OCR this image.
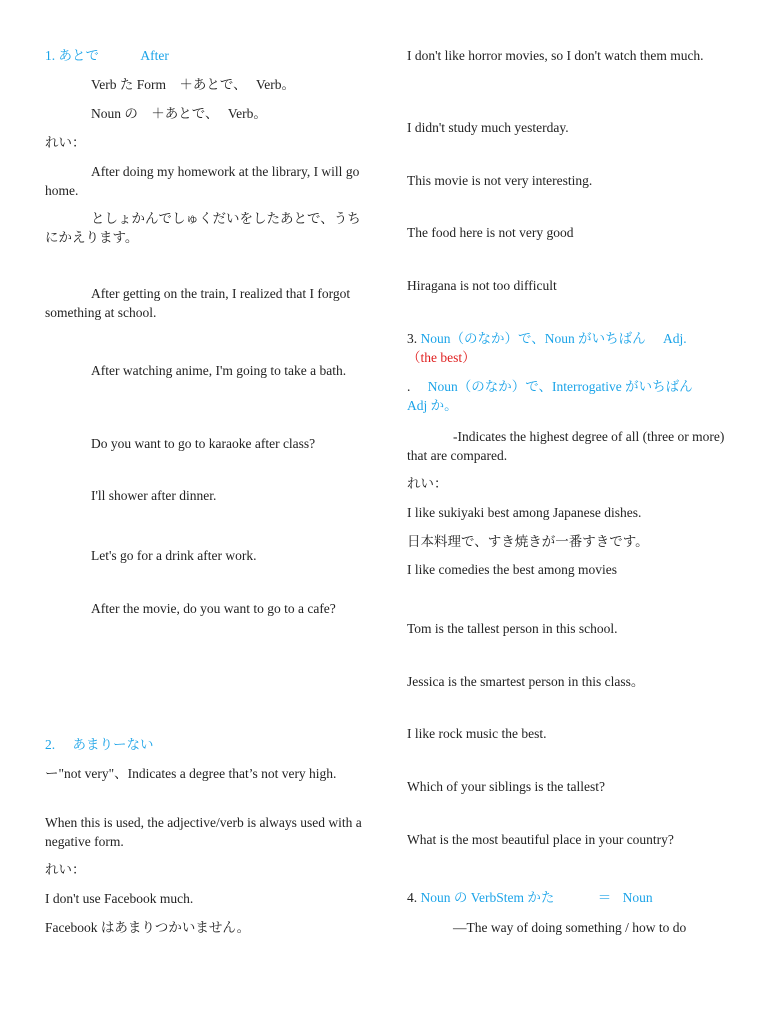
1. あとで	After
Verb た Form ＋あとで、 Verb。
Noun の ＋あとで、 Verb。
れい：
After doing my homework at the library, I will go home.
としょかんでしゅくだいをしたあとで、うちにかえります。
After getting on the train, I realized that I forgot something at school.
After watching anime, I'm going to take a bath.
Do you want to go to karaoke after class?
I'll shower after dinner.
Let's go for a drink after work.
After the movie, do you want to go to a cafe?
2. あまりーない
ー"not very"、Indicates a degree that’s not very high.
When this is used, the adjective/verb is always used with a negative form.
れい：
I don't use Facebook much.
Facebook はあまりつかいません。
I don't like horror movies, so I don't watch them much.
I didn't study much yesterday.
This movie is not very interesting.
The food here is not very good
Hiragana is not too difficult
3. Noun（のなか）で、Noun がいちばん Adj.
（the best）
. Noun（のなか）で、Interrogative がいちばん
Adj か。
-Indicates the highest degree of all (three or more) that are compared.
れい：
I like sukiyaki best among Japanese dishes.
日本料理で、すき焼きが一番すきです。
I like comedies the best among movies
Tom is the tallest person in this school.
Jessica is the smartest person in this class。
I like rock music the best.
Which of your siblings is the tallest?
What is the most beautiful place in your country?
4. Noun の VerbStem かた	＝ Noun
—The way of doing something / how to do
